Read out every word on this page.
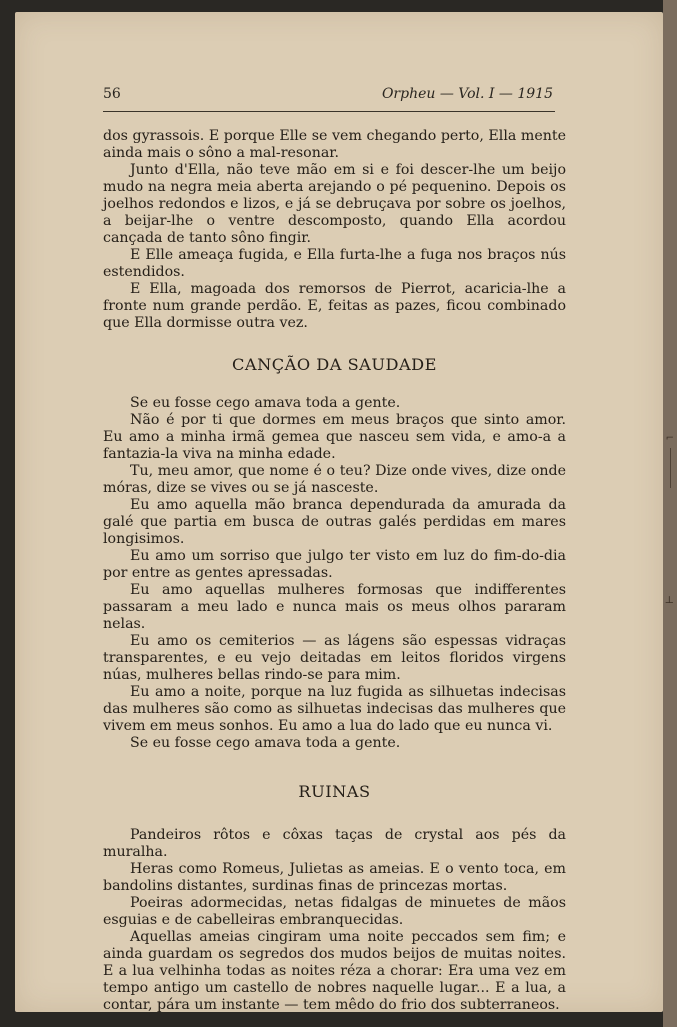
56	Orpheu — Vol. I — 1915

dos gyrassois. E porque Elle se vem chegando perto, Ella mente ainda mais o sôno a mal-resonar.

Junto d'Ella, não teve mão em si e foi descer-lhe um beijo mudo na negra meia aberta arejando o pé pequenino. Depois os joelhos redondos e lizos, e já se debruçava por sobre os joelhos, a beijar-lhe o ventre descomposto, quando Ella acordou cançada de tanto sôno fingir.

E Elle ameaça fugida, e Ella furta-lhe a fuga nos braços nús estendidos.

E Ella, magoada dos remorsos de Pierrot, acaricia-lhe a fronte num grande perdão. E, feitas as pazes, ficou combinado que Ella dormisse outra vez.

CANÇÃO DA SAUDADE

Se eu fosse cego amava toda a gente.

Não é por ti que dormes em meus braços que sinto amor. Eu amo a minha irmã gemea que nasceu sem vida, e amo-a a fantazia-la viva na minha edade.

Tu, meu amor, que nome é o teu? Dize onde vives, dize onde móras, dize se vives ou se já nasceste.

Eu amo aquella mão branca dependurada da amurada da galé que partia em busca de outras galés perdidas em mares longisimos.

Eu amo um sorriso que julgo ter visto em luz do fim-do-dia por entre as gentes apressadas.

Eu amo aquellas mulheres formosas que indifferentes passaram a meu lado e nunca mais os meus olhos pararam nelas.

Eu amo os cemiterios — as lágens são espessas vidraças transparentes, e eu vejo deitadas em leitos floridos virgens núas, mulheres bellas rindo-se para mim.

Eu amo a noite, porque na luz fugida as silhuetas indecisas das mulheres são como as silhuetas indecisas das mulheres que vivem em meus sonhos. Eu amo a lua do lado que eu nunca vi.

Se eu fosse cego amava toda a gente.

RUINAS

Pandeiros rôtos e côxas taças de crystal aos pés da muralha.

Heras como Romeus, Julietas as ameias. E o vento toca, em bandolins distantes, surdinas finas de princezas mortas.

Poeiras adormecidas, netas fidalgas de minuetes de mãos esguias e de cabelleiras embranquecidas.

Aquellas ameias cingiram uma noite peccados sem fim; e ainda guardam os segredos dos mudos beijos de muitas noites. E a lua velhinha todas as noites réza a chorar: Era uma vez em tempo antigo um castello de nobres naquelle lugar... E a lua, a contar, pára um instante — tem mêdo do frio dos subterraneos.

⌐
⊥
